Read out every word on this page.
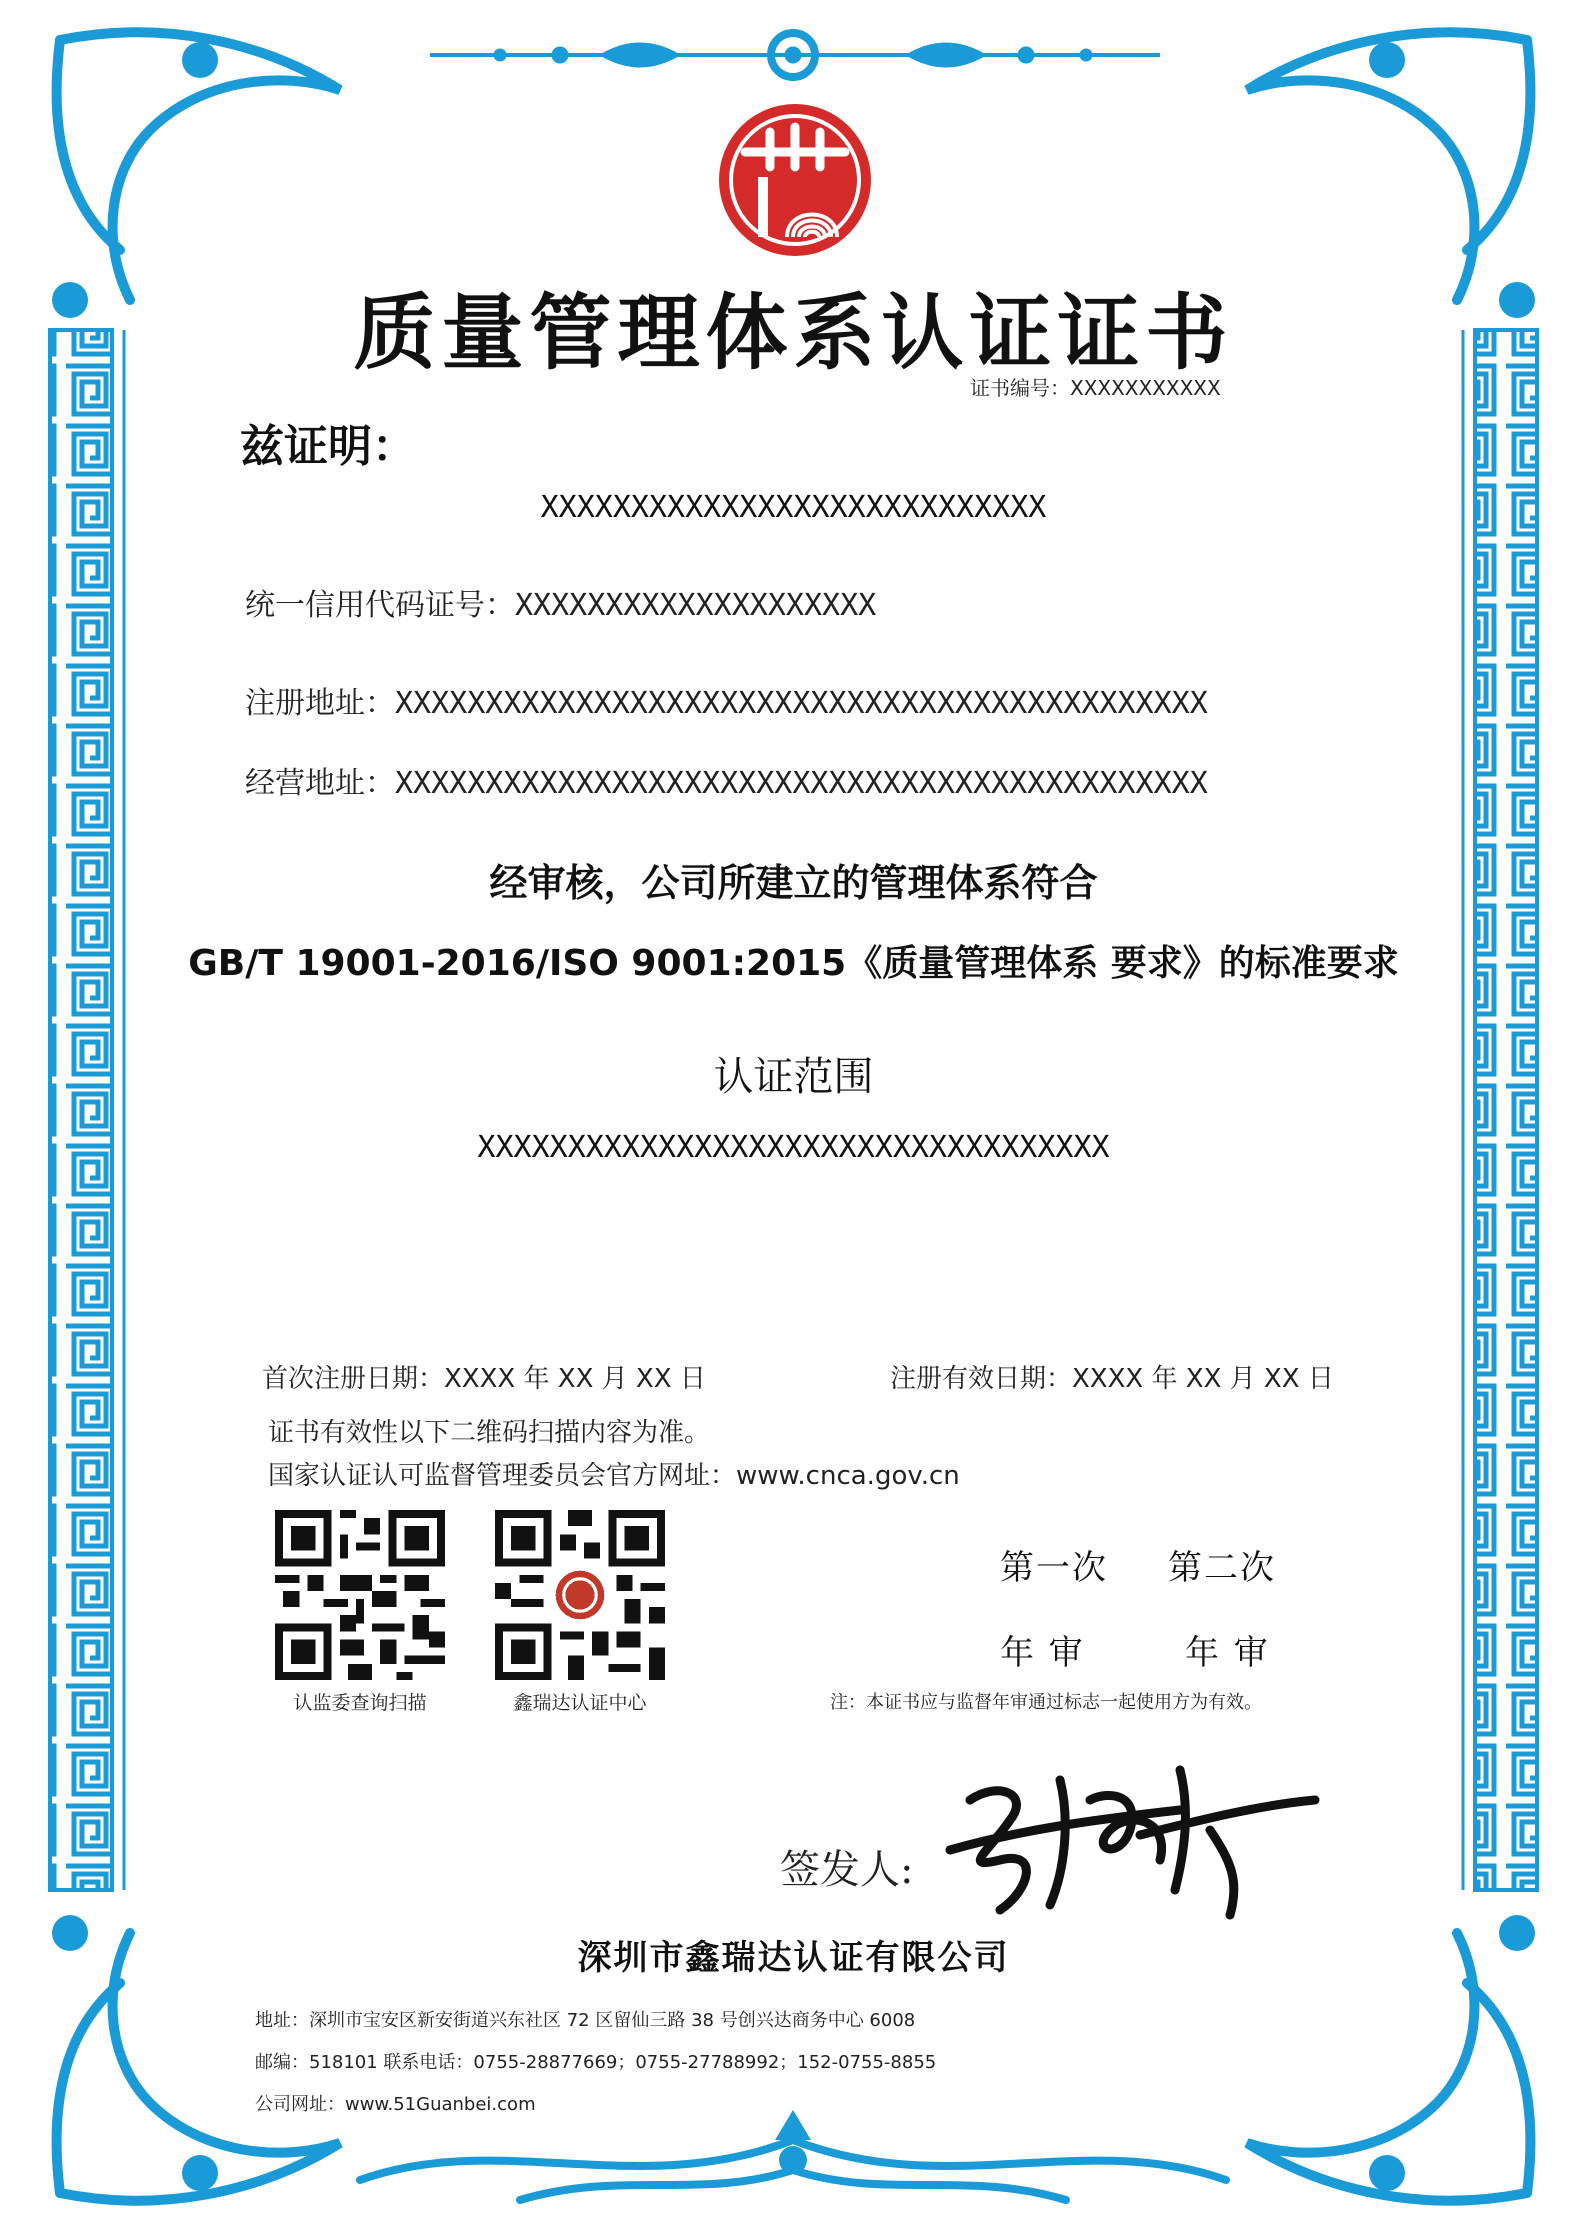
质量管理体系认证证书
证书编号：XXXXXXXXXXX
兹证明：
XXXXXXXXXXXXXXXXXXXXXXXXXXXX
统一信用代码证号：XXXXXXXXXXXXXXXXXXXX
注册地址：XXXXXXXXXXXXXXXXXXXXXXXXXXXXXXXXXXXXXXXXXXXXX
经营地址：XXXXXXXXXXXXXXXXXXXXXXXXXXXXXXXXXXXXXXXXXXXXX
经审核，公司所建立的管理体系符合
GB/T 19001-2016/ISO 9001:2015《质量管理体系 要求》的标准要求
认证范围
XXXXXXXXXXXXXXXXXXXXXXXXXXXXXXXXXXX
首次注册日期：XXXX 年 XX 月 XX 日	注册有效日期：XXXX 年 XX 月 XX 日
证书有效性以下二维码扫描内容为准。
国家认证认可监督管理委员会官方网址：www.cnca.gov.cn
认监委查询扫描	鑫瑞达认证中心
第一次 第二次
年 审	年 审
注：本证书应与监督年审通过标志一起使用方为有效。
签发人:
深圳市鑫瑞达认证有限公司
地址：深圳市宝安区新安街道兴东社区 72 区留仙三路 38 号创兴达商务中心 6008
邮编：518101 联系电话：0755-28877669；0755-27788992；152-0755-8855
公司网址：www.51Guanbei.com
